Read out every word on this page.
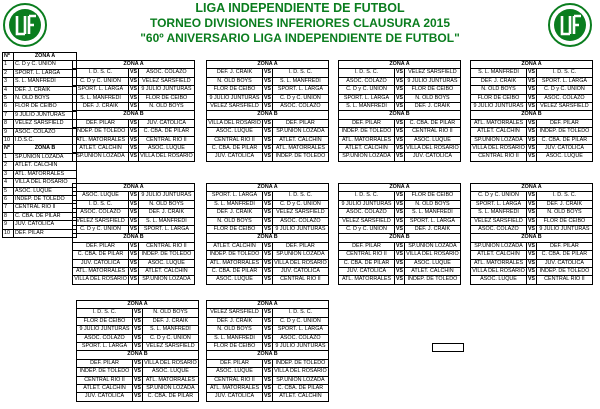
LIGA INDEPENDIENTE DE FUTBOL
TORNEO DIVISIONES INFERIORES CLAUSURA 2015
"60º ANIVERSARIO LIGA INDEPENDIENTE DE FUTBOL"
Nº	ZONA A
1	C. D y C. UNION
2	SPORT. L. LARGA
3	S. L. MANFREDI
4	DEF. J. CRAIK
5	N. OLD BOYS
6	FLOR DE CEIBO
7	9 JULIO JUNTURAS
8	VELEZ SARSFIELD
9	ASOC. COLAZO
10	I.D.S.C.
Nº	ZONA B
1	SP.UNION LOZADA
2	ATLET. CALCHIN
3	ATL. MATORRALES
4	VILLA DEL ROSARIO
5	ASOC. LUQUE
6	INDEP. DE TOLEDO
7	CENTRAL RIO II
8	C. CBA. DE PILAR
9	JUV. CATOLICA
10	DEF. PILAR
ZONA A		
I. D. S. C.	VS	ASOC. COLAZO
C. D y C. UNION	VS	VELEZ SARSFIELD
SPORT. L. LARGA	VS	9 JULIO JUNTURAS
S. L. MANFREDI	VS	FLOR DE CEIBO
DEF. J. CRAIK	VS	N. OLD BOYS
ZONA B		
DEF. PILAR	VS	JUV. CATOLICA
INDEP. DE TOLEDO	VS	C. CBA. DE PILAR
ATL. MATORRALES	VS	CENTRAL RIO II
ATLET. CALCHIN	VS	ASOC. LUQUE
SP.UNION LOZADA	VS	VILLA DEL ROSARIO
ZONA A		
DEF. J. CRAIK	VS	I. D. S. C.
N. OLD BOYS	VS	S. L. MANFREDI
FLOR DE CEIBO	VS	SPORT. L. LARGA
9 JULIO JUNTURAS	VS	C. D y C. UNION
VELEZ SARSFIELD	VS	ASOC. COLAZO
ZONA B		
VILLA DEL ROSARIO	VS	DEF. PILAR
ASOC. LUQUE	VS	SP.UNION LOZADA
CENTRAL RIO II	VS	ATLET. CALCHIN
C. CBA. DE PILAR	VS	ATL. MATORRALES
JUV. CATOLICA	VS	INDEP. DE TOLEDO
ZONA A		
I. D. S. C.	VS	VELEZ SARSFIELD
ASOC. COLAZO	VS	9 JULIO JUNTURAS
C. D y C. UNION	VS	FLOR DE CEIBO
SPORT. L. LARGA	VS	N. OLD BOYS
S. L. MANFREDI	VS	DEF. J. CRAIK
ZONA B		
DEF. PILAR	VS	C. CBA. DE PILAR
INDEP. DE TOLEDO	VS	CENTRAL RIO II
ATL. MATORRALES	VS	ASOC. LUQUE
ATLET. CALCHIN	VS	VILLA DEL ROSARIO
SP.UNION LOZADA	VS	JUV. CATOLICA
ZONA A		
S. L. MANFREDI	VS	I. D. S. C.
DEF. J. CRAIK	VS	SPORT. L. LARGA
N. OLD BOYS	VS	C. D y C. UNION
FLOR DE CEIBO	VS	ASOC. COLAZO
9 JULIO JUNTURAS	VS	VELEZ SARSFIELD
ZONA B		
ATL. MATORRALES	VS	DEF. PILAR
ATLET. CALCHIN	VS	INDEP. DE TOLEDO
SP.UNION LOZADA	VS	C. CBA. DE PILAR
VILLA DEL ROSARIO	VS	JUV. CATOLICA
CENTRAL RIO II	VS	ASOC. LUQUE
ZONA A		
ASOC. LUQUE	VS	9 JULIO JUNTURAS
I. D. S. C.	VS	N. OLD BOYS
ASOC. COLAZO	VS	DEF. J. CRAIK
VELEZ SARSFIELD	VS	S. L. MANFREDI
C. D y C. UNION	VS	SPORT. L. LARGA
ZONA B		
DEF. PILAR	VS	CENTRAL RIO II
C. CBA. DE PILAR	VS	INDEP. DE TOLEDO
JUV. CATOLICA	VS	ASOC. LUQUE
ATL. MATORRALES	VS	ATLET. CALCHIN
VILLA DEL ROSARIO	VS	SP.UNION LOZADA
ZONA A		
SPORT. L. LARGA	VS	I. D. S. C.
S. L. MANFREDI	VS	C. D y C. UNION
DEF. J. CRAIK	VS	VELEZ SARSFIELD
N. OLD BOYS	VS	ASOC. COLAZO
FLOR DE CEIBO	VS	9 JULIO JUNTURAS
ZONA B		
ATLET. CALCHIN	VS	DEF. PILAR
INDEP. DE TOLEDO	VS	SP.UNION LOZADA
ATL. MATORRALES	VS	VILLA DEL ROSARIO
C. CBA. DE PILAR	VS	JUV. CATOLICA
ASOC. LUQUE	VS	CENTRAL RIO II
ZONA A		
I. D. S. C.	VS	FLOR DE CEIBO
9 JULIO JUNTURAS	VS	N. OLD BOYS
ASOC. COLAZO	VS	S. L. MANFREDI
VELEZ SARSFIELD	VS	SPORT. L. LARGA
C. D y C. UNION	VS	DEF. J. CRAIK
ZONA B		
DEF. PILAR	VS	SP.UNION LOZADA
CENTRAL RIO II	VS	VILLA DEL ROSARIO
C. CBA. DE PILAR	VS	ASOC. LUQUE
JUV. CATOLICA	VS	ATLET. CALCHIN
ATL. MATORRALES	VS	INDEP. DE TOLEDO
ZONA A		
C. D y C. UNION	VS	I. D. S. C.
SPORT. L. LARGA	VS	DEF. J. CRAIK
S. L. MANFREDI	VS	N. OLD BOYS
VELEZ SARSFIELD	VS	FLOR DE CEIBO
ASOC. COLAZO	VS	9 JULIO JUNTURAS
ZONA B		
SP.UNION LOZADA	VS	DEF. PILAR
ATLET. CALCHIN	VS	C. CBA. DE PILAR
ATL. MATORRALES	VS	JUV. CATOLICA
VILLA DEL ROSARIO	VS	INDEP. DE TOLEDO
ASOC. LUQUE	VS	CENTRAL RIO II
ZONA A		
I. D. S. C.	VS	N. OLD BOYS
FLOR DE CEIBO	VS	DEF. J. CRAIK
9 JULIO JUNTURAS	VS	S. L. MANFREDI
ASOC. COLAZO	VS	C. D y C. UNION
SPORT. L. LARGA	VS	VELEZ SARSFIELD
ZONA B		
DEF. PILAR	VS	VILLA DEL ROSARIO
INDEP. DE TOLEDO	VS	ASOC. LUQUE
CENTRAL RIO II	VS	ATL. MATORRALES
ATLET. CALCHIN	VS	SP.UNION LOZADA
JUV. CATOLICA	VS	C. CBA. DE PILAR
ZONA A		
VELEZ SARSFIELD	VS	I. D. S. C.
DEF. J. CRAIK	VS	C. D y C. UNION
N. OLD BOYS	VS	SPORT. L. LARGA
S. L. MANFREDI	VS	ASOC. COLAZO
FLOR DE CEIBO	VS	9 JULIO JUNTURAS
ZONA B		
DEF. PILAR	VS	INDEP. DE TOLEDO
ASOC. LUQUE	VS	VILLA DEL ROSARIO
CENTRAL RIO II	VS	SP.UNION LOZADA
ATL. MATORRALES	VS	C. CBA. DE PILAR
JUV. CATOLICA	VS	ATLET. CALCHIN
